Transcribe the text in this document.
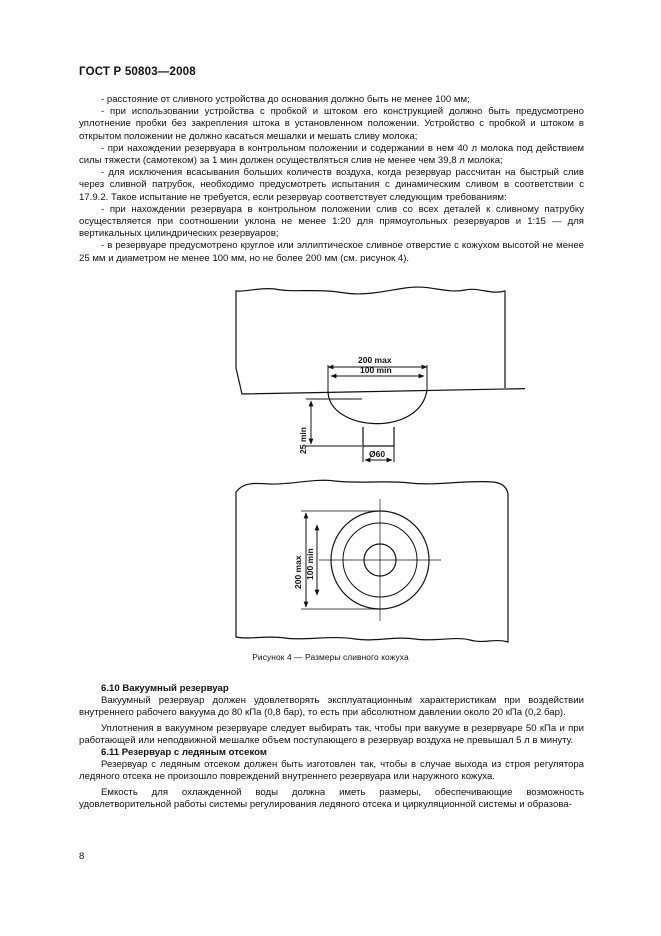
ГОСТ Р 50803—2008

- расстояние от сливного устройства до основания должно быть не менее 100 мм;

- при использовании устройства с пробкой и штоком его конструкцией должно быть предусмотрено уплотнение пробки без закрепления штока в установленном положении. Устройство с пробкой и штоком в открытом положении не должно касаться мешалки и мешать сливу молока;

- при нахождении резервуара в контрольном положении и содержании в нем 40 л молока под действием силы тяжести (самотеком) за 1 мин должен осуществляться слив не менее чем 39,8 л молока;

- для исключения всасывания больших количеств воздуха, когда резервуар рассчитан на быстрый слив через сливной патрубок, необходимо предусмотреть испытания с динамическим сливом в соответствии с 17.9.2. Такое испытание не требуется, если резервуар соответствует следующим требованиям:

- при нахождении резервуара в контрольном положении слив со всех деталей к сливному патрубку осуществляется при соотношении уклона не менее 1:20 для прямоугольных резервуаров и 1:15 — для вертикальных цилиндрических резервуаров;

- в резервуаре предусмотрено круглое или эллиптическое сливное отверстие с кожухом высотой не менее 25 мм и диаметром не менее 100 мм, но не более 200 мм (см. рисунок 4).

200 max
100 min
25 min	Ø60
200 max 100 min
Рисунок 4 — Размеры сливного кожуха

6.10 Вакуумный резервуар

Вакуумный резервуар должен удовлетворять эксплуатационным характеристикам при воздействии внутреннего рабочего вакуума до 80 кПа (0,8 бар), то есть при абсолютном давлении около 20 кПа (0,2 бар).

Уплотнения в вакуумном резервуаре следует выбирать так, чтобы при вакууме в резервуаре 50 кПа и при работающей или неподвижной мешалке объем поступающего в резервуар воздуха не превышал 5 л в минуту.

6.11 Резервуар с ледяным отсеком

Резервуар с ледяным отсеком должен быть изготовлен так, чтобы в случае выхода из строя регулятора ледяного отсека не произошло повреждений внутреннего резервуара или наружного кожуха.

Емкость для охлажденной воды должна иметь размеры, обеспечивающие возможность удовлетворительной работы системы регулирования ледяного отсека и циркуляционной системы и образова-

8
